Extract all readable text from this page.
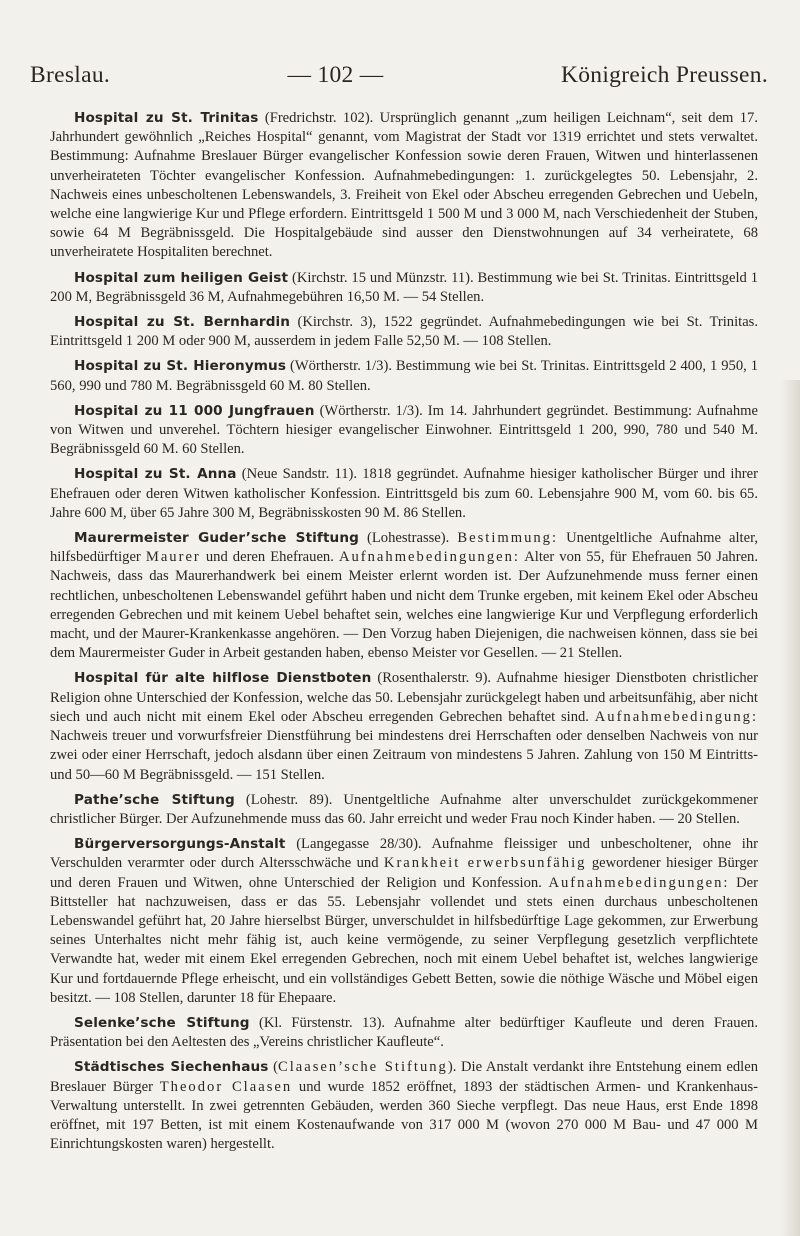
Breslau.	— 102 —	Königreich Preussen.

Hospital zu St. Trinitas (Fredrichstr. 102). Ursprünglich genannt „zum heiligen Leichnam“, seit dem 17. Jahrhundert gewöhnlich „Reiches Hospital“ genannt, vom Magistrat der Stadt vor 1319 errichtet und stets verwaltet. Bestimmung: Aufnahme Breslauer Bürger evangelischer Konfession sowie deren Frauen, Witwen und hinterlassenen unverheirateten Töchter evangelischer Konfession. Aufnahmebedingungen: 1. zurückgelegtes 50. Lebensjahr, 2. Nachweis eines unbescholtenen Lebenswandels, 3. Freiheit von Ekel oder Abscheu erregenden Gebrechen und Uebeln, welche eine langwierige Kur und Pflege erfordern. Eintrittsgeld 1 500 M und 3 000 M, nach Verschiedenheit der Stuben, sowie 64 M Begräbnissgeld. Die Hospitalgebäude sind ausser den Dienstwohnungen auf 34 verheiratete, 68 unverheiratete Hospitaliten berechnet.

Hospital zum heiligen Geist (Kirchstr. 15 und Münzstr. 11). Bestimmung wie bei St. Trinitas. Eintrittsgeld 1 200 M, Begräbnissgeld 36 M, Aufnahmegebühren 16,50 M. — 54 Stellen.

Hospital zu St. Bernhardin (Kirchstr. 3), 1522 gegründet. Aufnahmebedingungen wie bei St. Trinitas. Eintrittsgeld 1 200 M oder 900 M, ausserdem in jedem Falle 52,50 M. — 108 Stellen.

Hospital zu St. Hieronymus (Wörtherstr. 1/3). Bestimmung wie bei St. Trinitas. Eintrittsgeld 2 400, 1 950, 1 560, 990 und 780 M. Begräbnissgeld 60 M. 80 Stellen.

Hospital zu 11 000 Jungfrauen (Wörtherstr. 1/3). Im 14. Jahrhundert gegründet. Bestimmung: Aufnahme von Witwen und unverehel. Töchtern hiesiger evangelischer Einwohner. Eintrittsgeld 1 200, 990, 780 und 540 M. Begräbnissgeld 60 M. 60 Stellen.

Hospital zu St. Anna (Neue Sandstr. 11). 1818 gegründet. Aufnahme hiesiger katholischer Bürger und ihrer Ehefrauen oder deren Witwen katholischer Konfession. Eintrittsgeld bis zum 60. Lebensjahre 900 M, vom 60. bis 65. Jahre 600 M, über 65 Jahre 300 M, Begräbnisskosten 90 M. 86 Stellen.

Maurermeister Guder’sche Stiftung (Lohestrasse). Bestimmung: Unentgeltliche Aufnahme alter, hilfsbedürftiger Maurer und deren Ehefrauen. Aufnahmebedingungen: Alter von 55, für Ehefrauen 50 Jahren. Nachweis, dass das Maurerhandwerk bei einem Meister erlernt worden ist. Der Aufzunehmende muss ferner einen rechtlichen, unbescholtenen Lebenswandel geführt haben und nicht dem Trunke ergeben, mit keinem Ekel oder Abscheu erregenden Gebrechen und mit keinem Uebel behaftet sein, welches eine langwierige Kur und Verpflegung erforderlich macht, und der Maurer-Krankenkasse angehören. — Den Vorzug haben Diejenigen, die nachweisen können, dass sie bei dem Maurermeister Guder in Arbeit gestanden haben, ebenso Meister vor Gesellen. — 21 Stellen.

Hospital für alte hilflose Dienstboten (Rosenthalerstr. 9). Aufnahme hiesiger Dienstboten christlicher Religion ohne Unterschied der Konfession, welche das 50. Lebensjahr zurückgelegt haben und arbeitsunfähig, aber nicht siech und auch nicht mit einem Ekel oder Abscheu erregenden Gebrechen behaftet sind. Aufnahmebedingung: Nachweis treuer und vorwurfsfreier Dienstführung bei mindestens drei Herrschaften oder denselben Nachweis von nur zwei oder einer Herrschaft, jedoch alsdann über einen Zeitraum von mindestens 5 Jahren. Zahlung von 150 M Eintritts- und 50—60 M Begräbnissgeld. — 151 Stellen.

Pathe’sche Stiftung (Lohestr. 89). Unentgeltliche Aufnahme alter unverschuldet zurückgekommener christlicher Bürger. Der Aufzunehmende muss das 60. Jahr erreicht und weder Frau noch Kinder haben. — 20 Stellen.

Bürgerversorgungs-Anstalt (Langegasse 28/30). Aufnahme fleissiger und unbescholtener, ohne ihr Verschulden verarmter oder durch Altersschwäche und Krankheit erwerbsunfähig gewordener hiesiger Bürger und deren Frauen und Witwen, ohne Unterschied der Religion und Konfession. Aufnahmebedingungen: Der Bittsteller hat nachzuweisen, dass er das 55. Lebensjahr vollendet und stets einen durchaus unbescholtenen Lebenswandel geführt hat, 20 Jahre hierselbst Bürger, unverschuldet in hilfsbedürftige Lage gekommen, zur Erwerbung seines Unterhaltes nicht mehr fähig ist, auch keine vermögende, zu seiner Verpflegung gesetzlich verpflichtete Verwandte hat, weder mit einem Ekel erregenden Gebrechen, noch mit einem Uebel behaftet ist, welches langwierige Kur und fortdauernde Pflege erheischt, und ein vollständiges Gebett Betten, sowie die nöthige Wäsche und Möbel eigen besitzt. — 108 Stellen, darunter 18 für Ehepaare.

Selenke’sche Stiftung (Kl. Fürstenstr. 13). Aufnahme alter bedürftiger Kaufleute und deren Frauen. Präsentation bei den Aeltesten des „Vereins christlicher Kaufleute“.

Städtisches Siechenhaus (Claasen’sche Stiftung). Die Anstalt verdankt ihre Entstehung einem edlen Breslauer Bürger Theodor Claasen und wurde 1852 eröffnet, 1893 der städtischen Armen- und Krankenhaus-Verwaltung unterstellt. In zwei getrennten Gebäuden, werden 360 Sieche verpflegt. Das neue Haus, erst Ende 1898 eröffnet, mit 197 Betten, ist mit einem Kostenaufwande von 317 000 M (wovon 270 000 M Bau- und 47 000 M Einrichtungskosten waren) hergestellt.
